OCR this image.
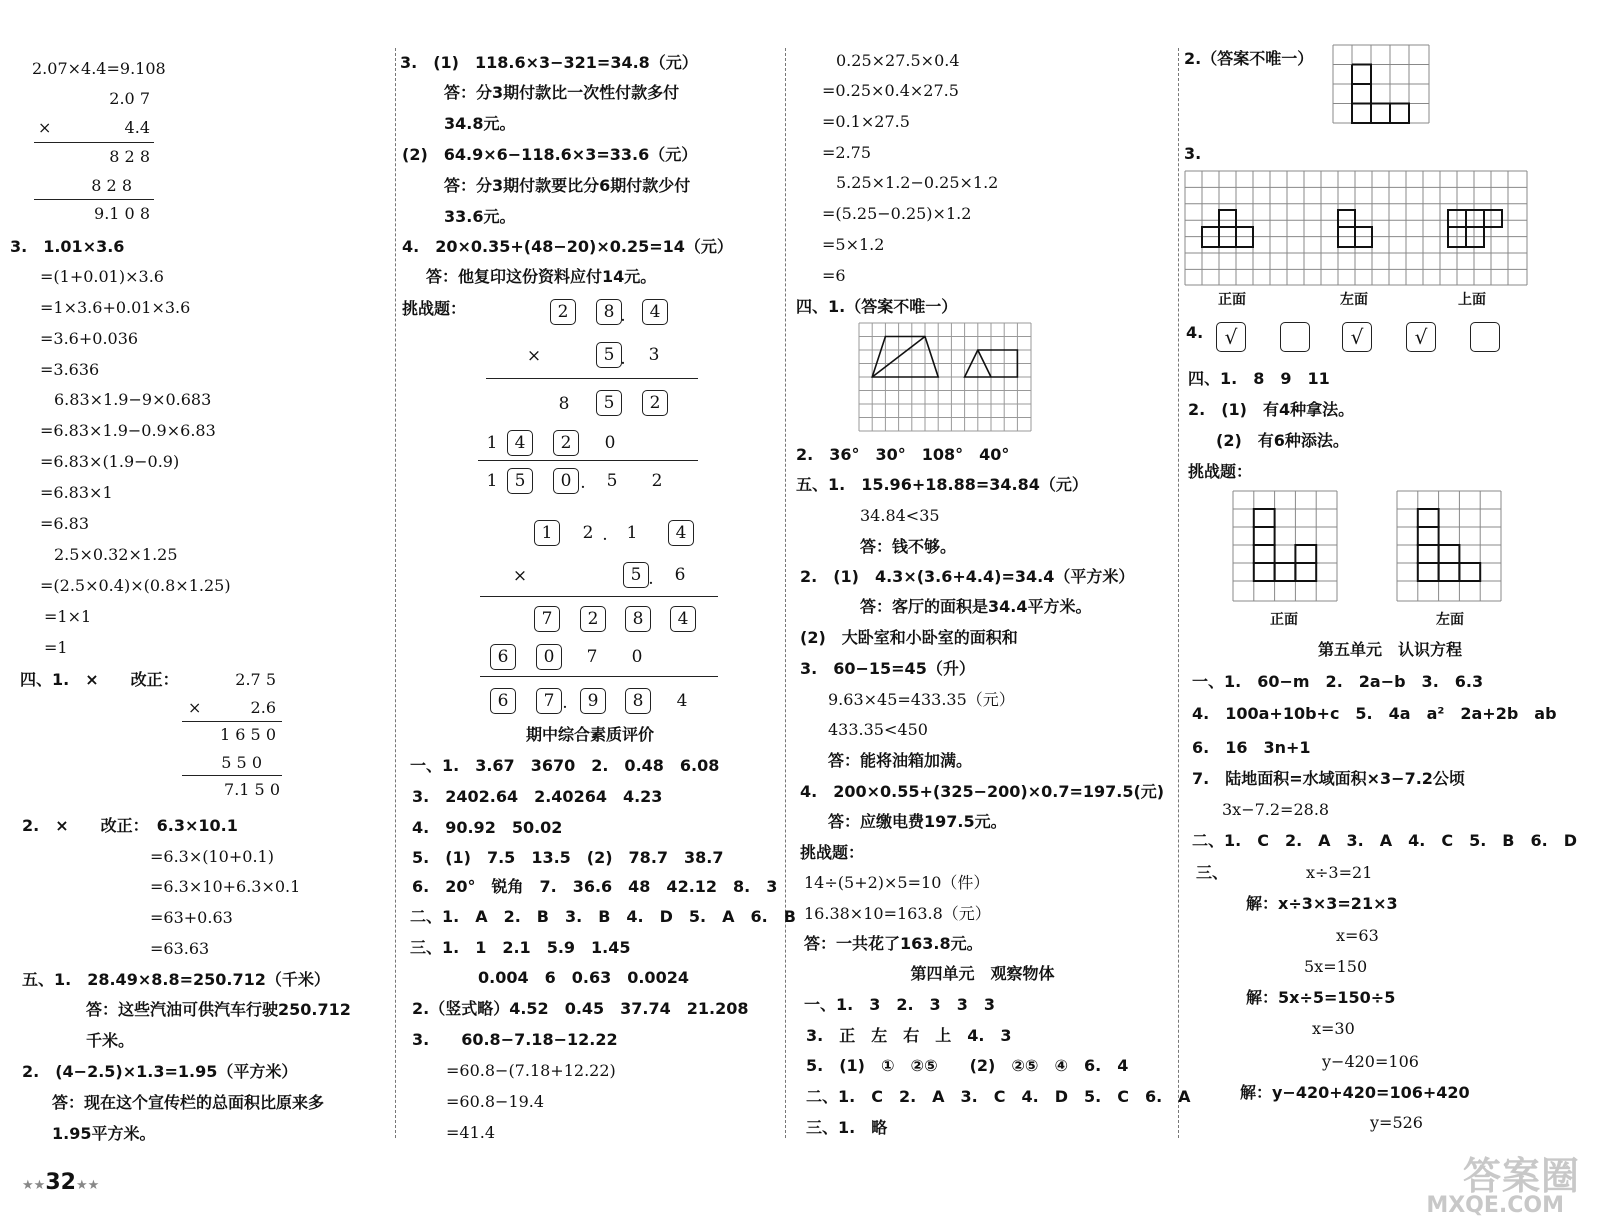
2.07×4.4=9.108
2.0 7
×	4.4
8 2 8
8 2 8
9.1 0 8
3.　1.01×3.6
=(1+0.01)×3.6
=1×3.6+0.01×3.6
=3.6+0.036
=3.636
6.83×1.9−9×0.683
=6.83×1.9−0.9×6.83
=6.83×(1.9−0.9)
=6.83×1
=6.83
2.5×0.32×1.25
=(2.5×0.4)×(0.8×1.25)
=1×1
=1
四、1.　×　　改正：	2.7 5
×	2.6
1 6 5 0
5 5 0
7.1 5 0
2.　×　　改正：　6.3×10.1
=6.3×(10+0.1)
=6.3×10+6.3×0.1
=63+0.63
=63.63
五、1.　28.49×8.8=250.712（千米）
答：这些汽油可供汽车行驶250.712
千米。
2.　(4−2.5)×1.3=1.95（平方米）
答：现在这个宣传栏的总面积比原来多
1.95平方米。
★★32★★
3.　(1)　118.6×3−321=34.8（元）
答：分3期付款比一次性付款多付
34.8元。
(2)　64.9×6−118.6×3=33.6（元）
答：分3期付款要比分6期付款少付
33.6元。
4.　20×0.35+(48−20)×0.25=14（元）
答：他复印这份资料应付14元。
挑战题：	2	8 .	4
×	5 .	3
8	5	2
1	4	2	0
1	5	0 .	5	2
1	2 .	1	4
×	5 .	6
7	2	8	4
6	0	7	0
6	7 .	9	8	4
期中综合素质评价
一、1.　3.67　3670　2.　0.48　6.08
3.　2402.64　2.40264　4.23
4.　90.92　50.02
5.　(1)　7.5　13.5　(2)　78.7　38.7
6.　20°　锐角　7.　36.6　48　42.12　8.　3
二、1.　A　2.　B　3.　B　4.　D　5.　A　6.　B
三、1.　1　2.1　5.9　1.45
0.004　6　0.63　0.0024
2.（竖式略）4.52　0.45　37.74　21.208
3.　　60.8−7.18−12.22
=60.8−(7.18+12.22)
=60.8−19.4
=41.4
0.25×27.5×0.4
=0.25×0.4×27.5
=0.1×27.5
=2.75
5.25×1.2−0.25×1.2
=(5.25−0.25)×1.2
=5×1.2
=6
四、1.（答案不唯一）
2.　36°　30°　108°　40°
五、1.　15.96+18.88=34.84（元）
34.84<35
答：钱不够。
2.　(1)　4.3×(3.6+4.4)=34.4（平方米）
答：客厅的面积是34.4平方米。
(2)　大卧室和小卧室的面积和
3.　60−15=45（升）
9.63×45=433.35（元）
433.35<450
答：能将油箱加满。
4.　200×0.55+(325−200)×0.7=197.5(元)
答：应缴电费197.5元。
挑战题：
14÷(5+2)×5=10（件）
16.38×10=163.8（元）
答：一共花了163.8元。
第四单元　观察物体
一、1.　3　2.　3　3　3
3.　正　左　右　上　4.　3
5.　(1)　①　②⑤　　(2)　②⑤　④　6.　4
二、1.　C　2.　A　3.　C　4.　D　5.　C　6.　A
三、1.　略
2.（答案不唯一）
3.
正面	左面	上面
4.	√	√	√
四、1.　8　9　11
2.　(1)　有4种拿法。
(2)　有6种添法。
挑战题：
正面	左面
第五单元　认识方程
一、1.　60−m　2.　2a−b　3.　6.3
4.　100a+10b+c　5.　4a　a²　2a+2b　ab
6.　16　3n+1
7.　陆地面积=水域面积×3−7.2公顷
3x−7.2=28.8
二、1.　C　2.　A　3.　A　4.　C　5.　B　6.　D
三、	x÷3=21
解：x÷3×3=21×3
x=63
5x=150
解：5x÷5=150÷5
x=30
y−420=106
解：y−420+420=106+420
y=526
答案圈
MXQE.COM
